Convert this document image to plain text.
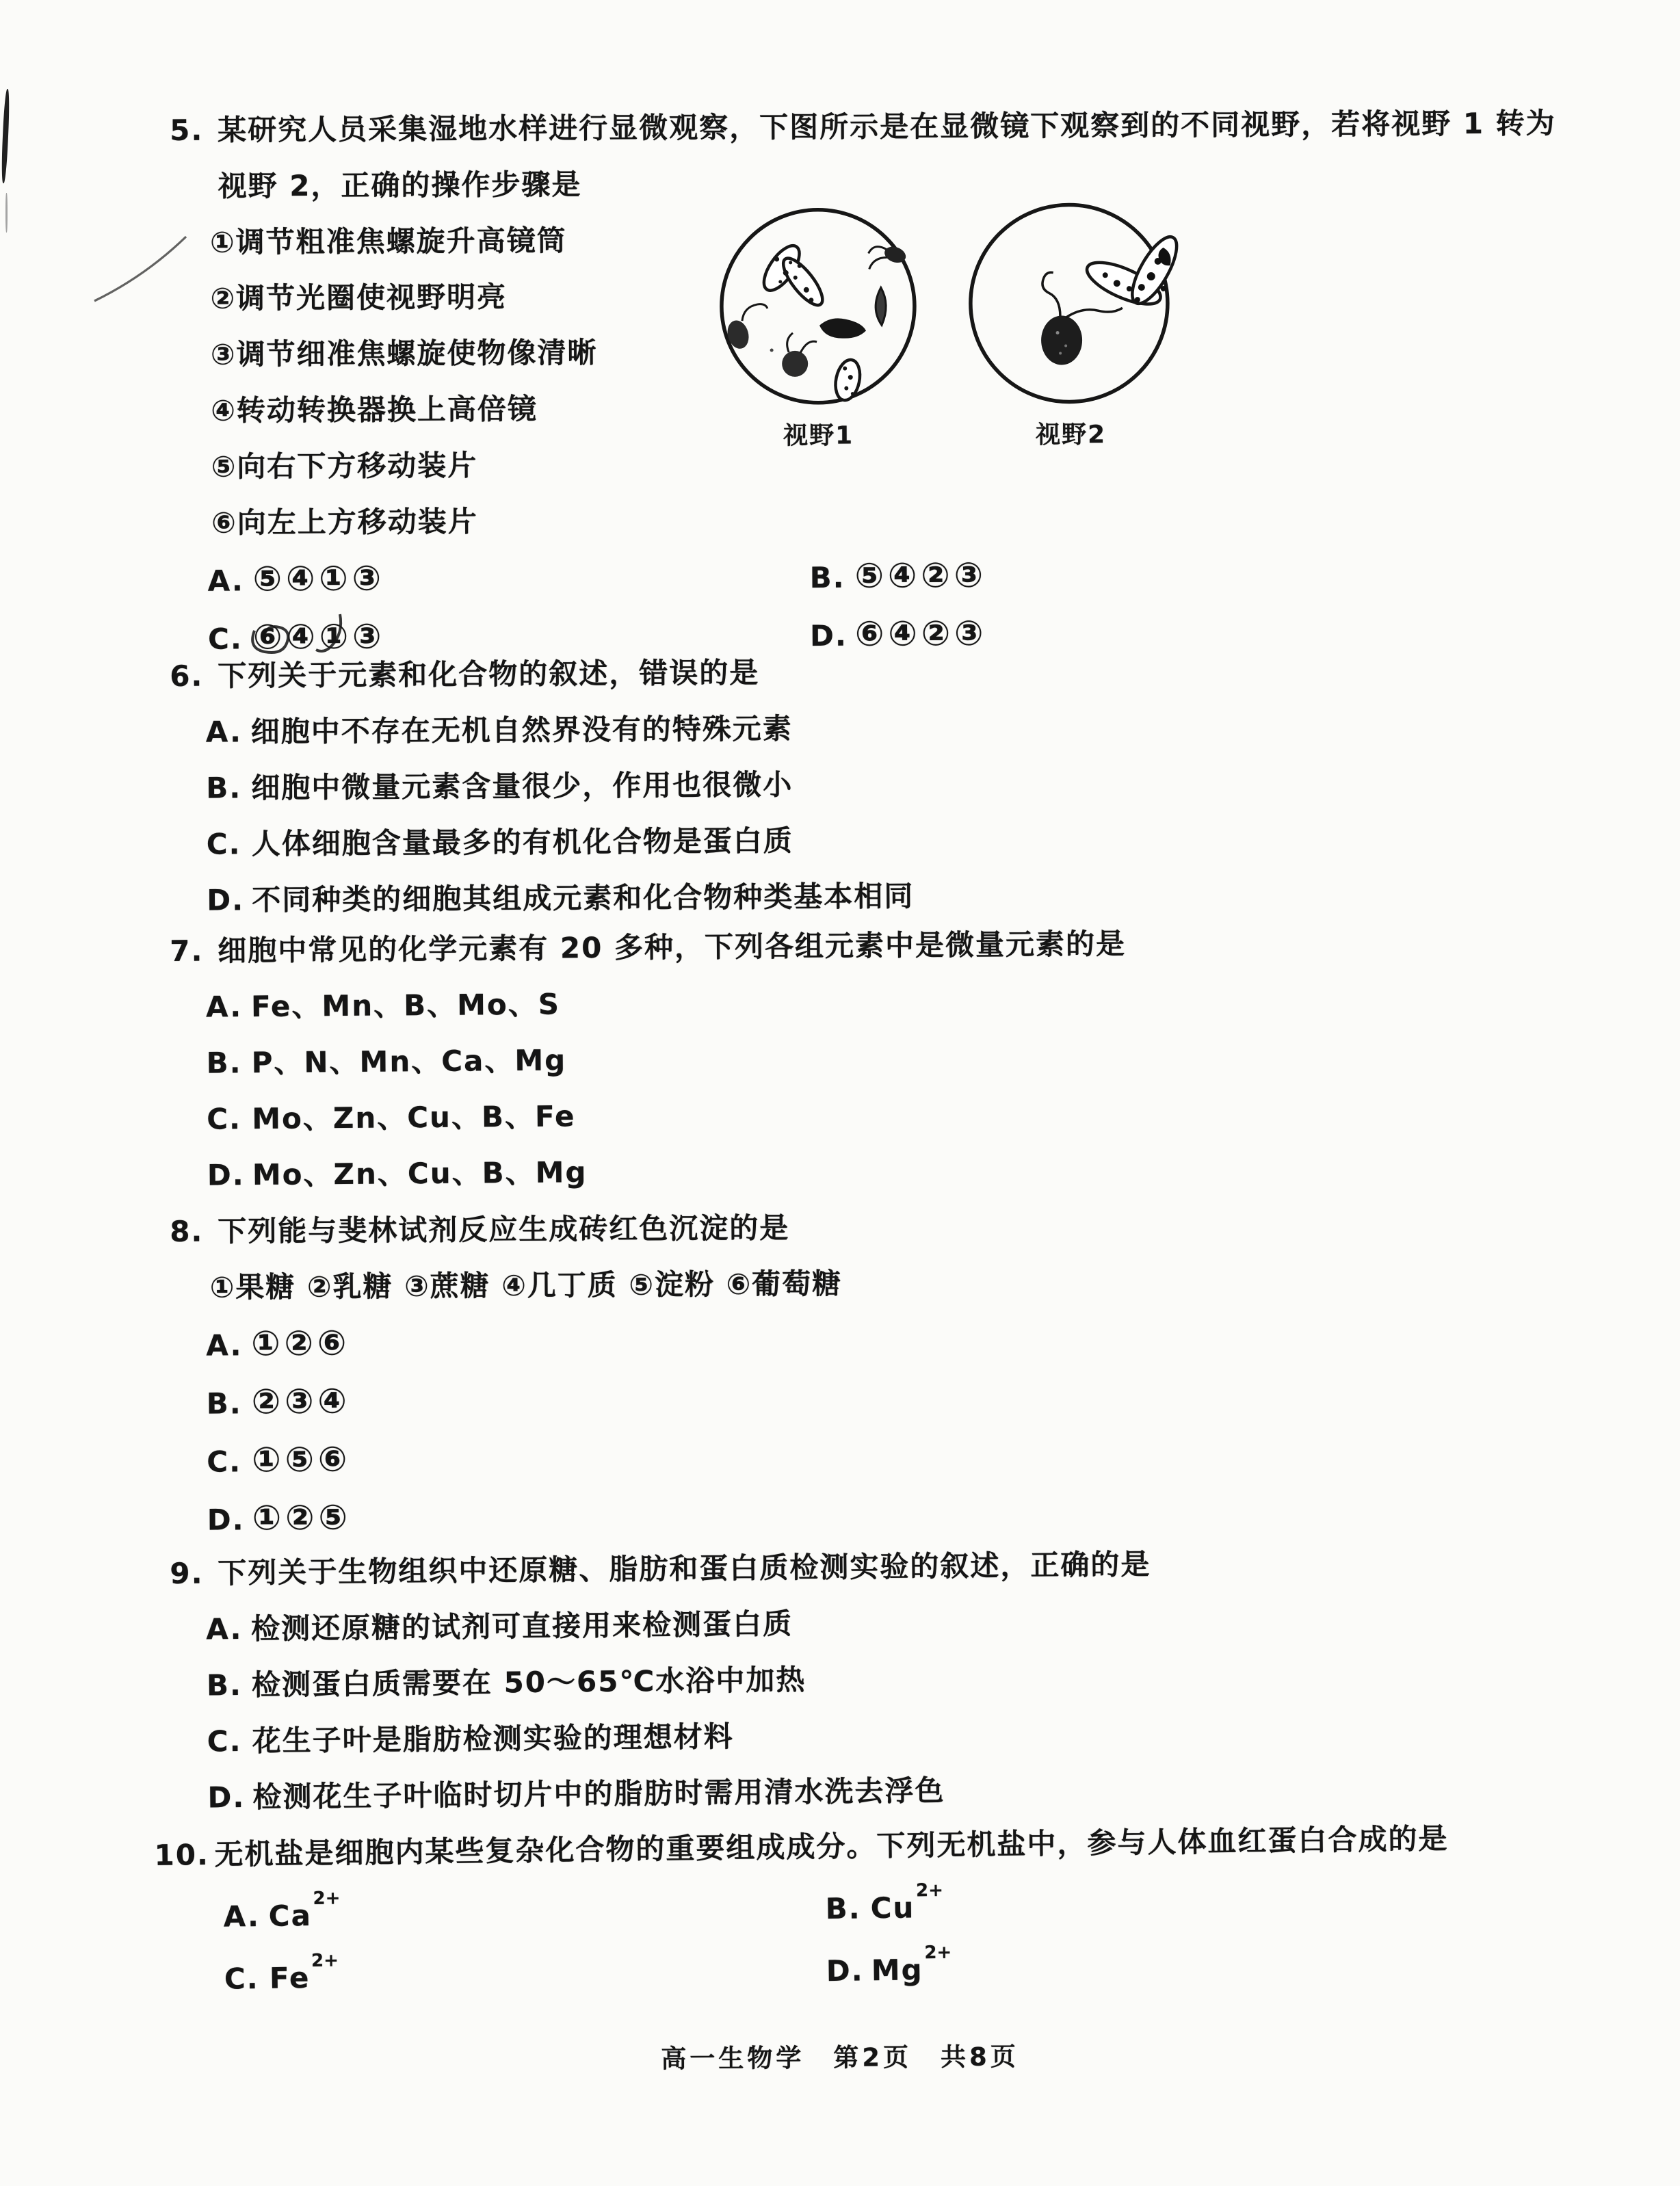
5. 某研究人员采集湿地水样进行显微观察，下图所示是在显微镜下观察到的不同视野，若将视野 1 转为
视野 2，正确的操作步骤是
①调节粗准焦螺旋升高镜筒
②调节光圈使视野明亮
③调节细准焦螺旋使物像清晰
④转动转换器换上高倍镜
⑤向右下方移动装片
⑥向左上方移动装片
A. ⑤④①③	B. ⑤④②③
C. ⑥④①③	D. ⑥④②③
视野1	视野2
6. 下列关于元素和化合物的叙述，错误的是
A. 细胞中不存在无机自然界没有的特殊元素
B. 细胞中微量元素含量很少，作用也很微小
C. 人体细胞含量最多的有机化合物是蛋白质
D. 不同种类的细胞其组成元素和化合物种类基本相同
7. 细胞中常见的化学元素有 20 多种，下列各组元素中是微量元素的是
A. Fe、Mn、B、Mo、S
B. P、N、Mn、Ca、Mg
C. Mo、Zn、Cu、B、Fe
D. Mo、Zn、Cu、B、Mg
8. 下列能与斐林试剂反应生成砖红色沉淀的是
①果糖 ②乳糖 ③蔗糖 ④几丁质 ⑤淀粉 ⑥葡萄糖
A. ①②⑥
B. ②③④
C. ①⑤⑥
D. ①②⑤
9. 下列关于生物组织中还原糖、脂肪和蛋白质检测实验的叙述，正确的是
A. 检测还原糖的试剂可直接用来检测蛋白质
B. 检测蛋白质需要在 50～65℃水浴中加热
C. 花生子叶是脂肪检测实验的理想材料
D. 检测花生子叶临时切片中的脂肪时需用清水洗去浮色
10. 无机盐是细胞内某些复杂化合物的重要组成成分。下列无机盐中，参与人体血红蛋白合成的是
A. $Ca^{2+}$	B. $Cu^{2+}$
C. $Fe^{2+}$	D. $Mg^{2+}$
高一生物学　第2页　共8页
